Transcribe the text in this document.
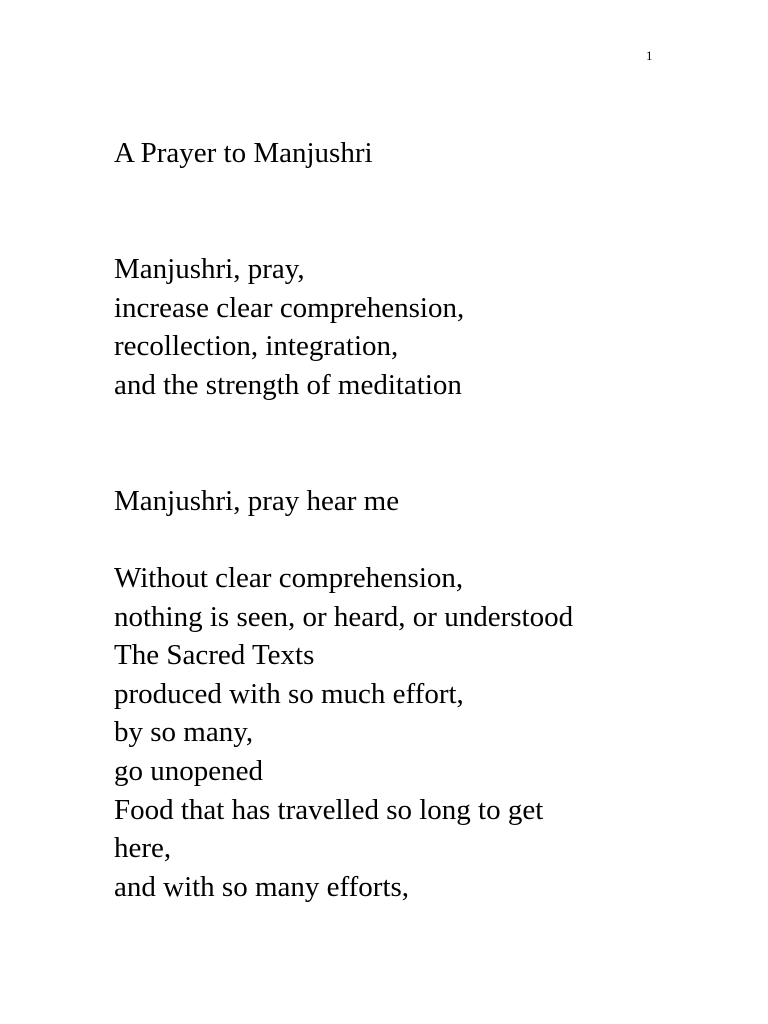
1
A Prayer to Manjushri
Manjushri, pray,
increase clear comprehension,
recollection, integration,
and the strength of meditation
Manjushri, pray hear me
Without clear comprehension,
nothing is seen, or heard, or understood
The Sacred Texts
produced with so much effort,
by so many,
go unopened
Food that has travelled so long to get
here,
and with so many efforts,
